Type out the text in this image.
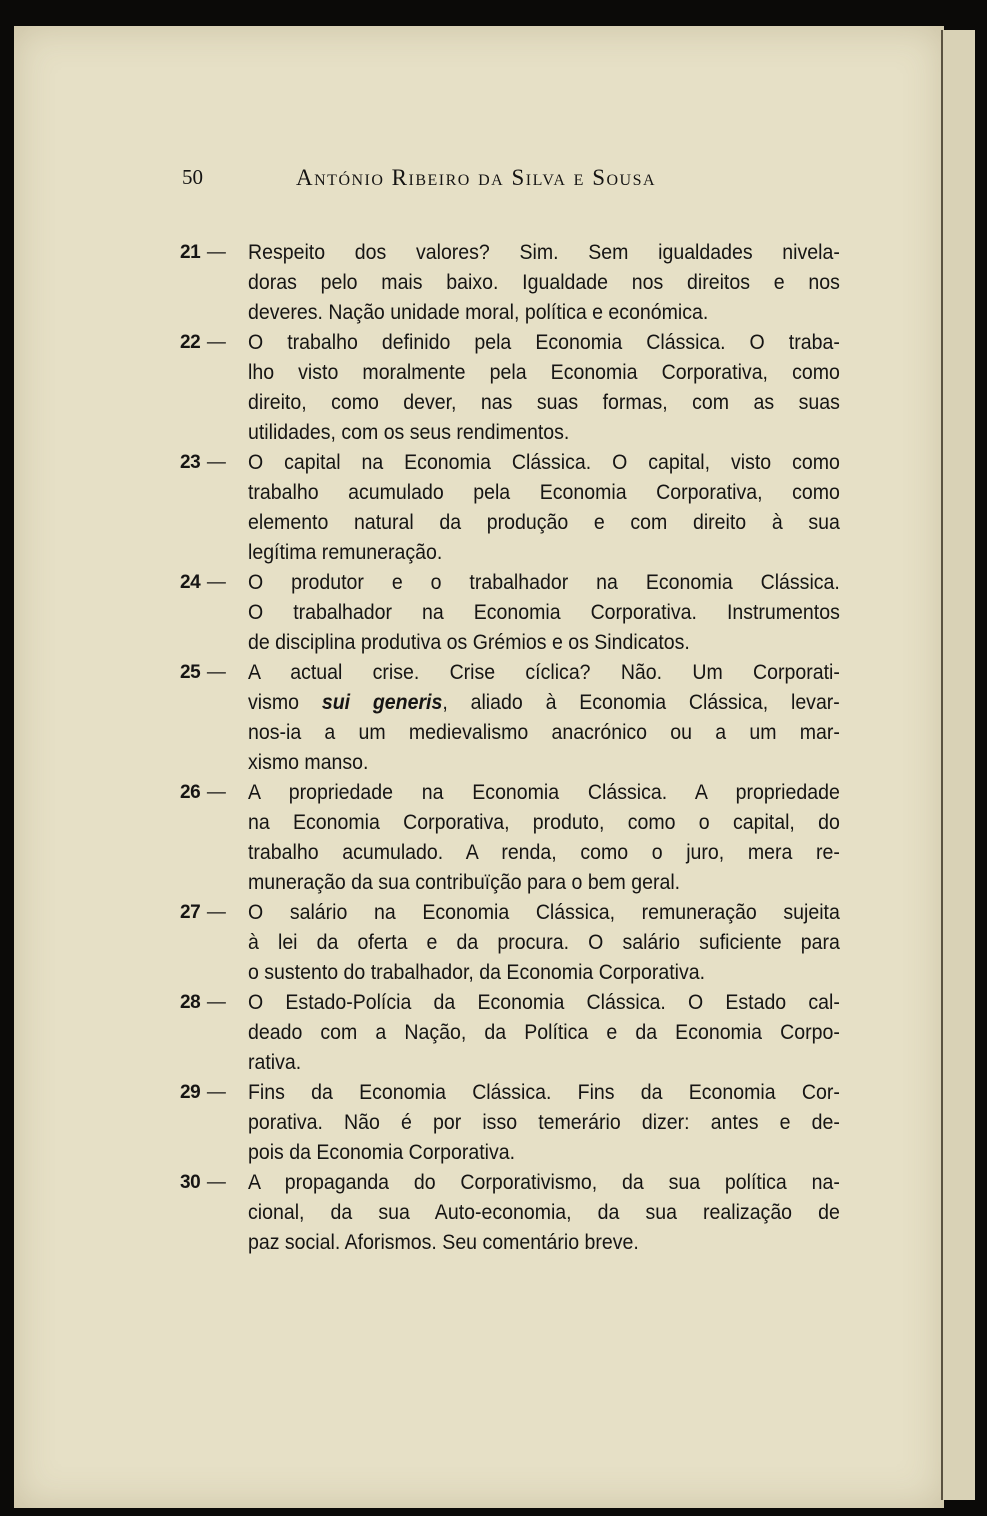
50	António Ribeiro da Silva e Sousa
21 —	Respeito dos valores? Sim. Sem igualdades nivela-
doras pelo mais baixo. Igualdade nos direitos e nos
deveres. Nação unidade moral, política e económica.
22 —	O trabalho definido pela Economia Clássica. O traba-
lho visto moralmente pela Economia Corporativa, como
direito, como dever, nas suas formas, com as suas
utilidades, com os seus rendimentos.
23 —	O capital na Economia Clássica. O capital, visto como
trabalho acumulado pela Economia Corporativa, como
elemento natural da produção e com direito à sua
legítima remuneração.
24 —	O produtor e o trabalhador na Economia Clássica.
O trabalhador na Economia Corporativa. Instrumentos
de disciplina produtiva os Grémios e os Sindicatos.
25 —	A actual crise. Crise cíclica? Não. Um Corporati-
vismo sui generis, aliado à Economia Clássica, levar-
nos-ia a um medievalismo anacrónico ou a um mar-
xismo manso.
26 —	A propriedade na Economia Clássica. A propriedade
na Economia Corporativa, produto, como o capital, do
trabalho acumulado. A renda, como o juro, mera re-
muneração da sua contribuïção para o bem geral.
27 —	O salário na Economia Clássica, remuneração sujeita
à lei da oferta e da procura. O salário suficiente para
o sustento do trabalhador, da Economia Corporativa.
28 —	O Estado-Polícia da Economia Clássica. O Estado cal-
deado com a Nação, da Política e da Economia Corpo-
rativa.
29 —	Fins da Economia Clássica. Fins da Economia Cor-
porativa. Não é por isso temerário dizer: antes e de-
pois da Economia Corporativa.
30 —	A propaganda do Corporativismo, da sua política na-
cional, da sua Auto-economia, da sua realização de
paz social. Aforismos. Seu comentário breve.
